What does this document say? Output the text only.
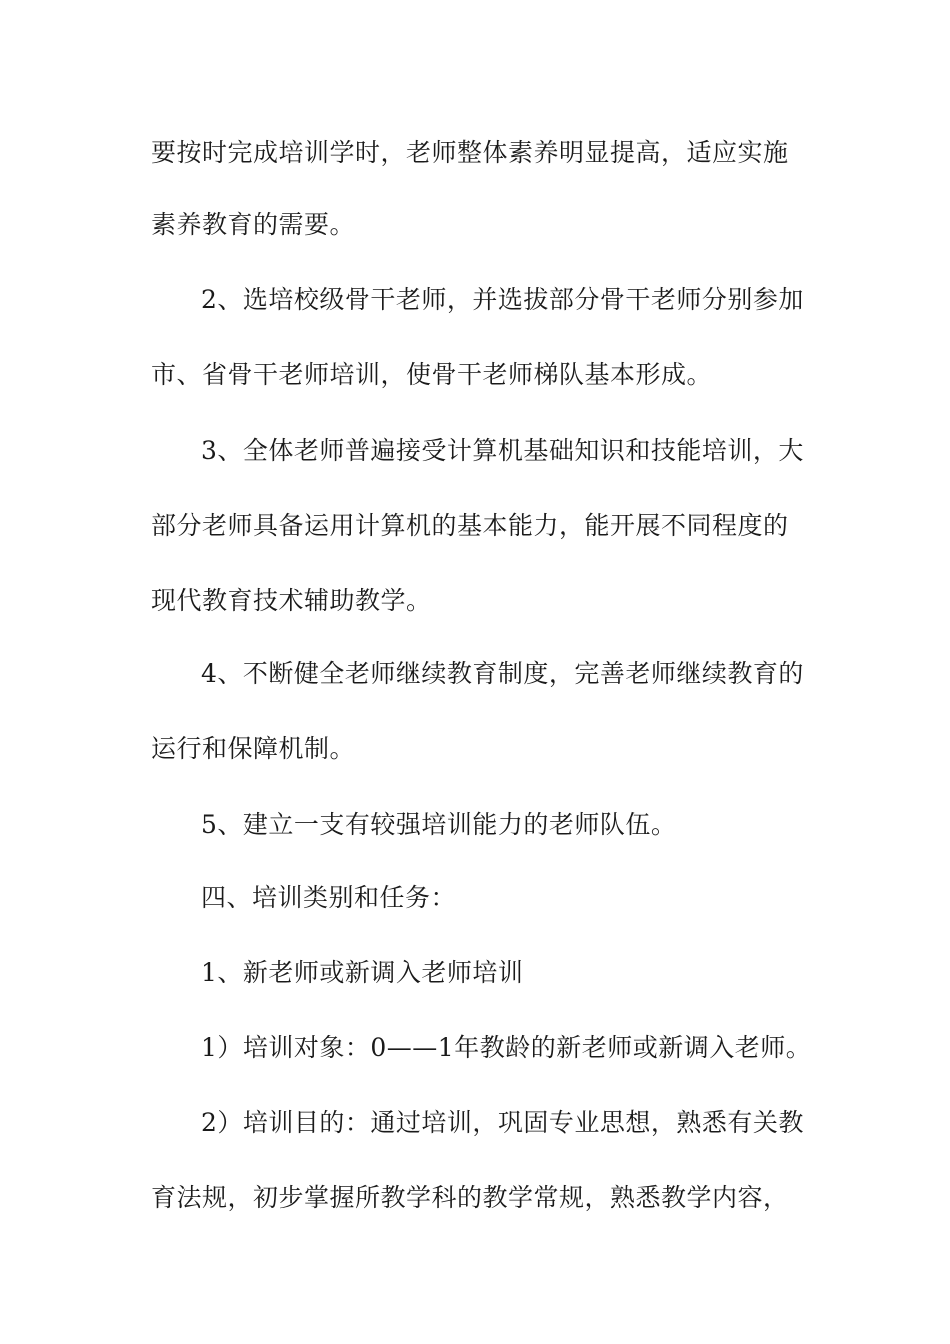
要按时完成培训学时，老师整体素养明显提高，适应实施
素养教育的需要。
2、选培校级骨干老师，并选拔部分骨干老师分别参加
市、省骨干老师培训，使骨干老师梯队基本形成。
3、全体老师普遍接受计算机基础知识和技能培训，大
部分老师具备运用计算机的基本能力，能开展不同程度的
现代教育技术辅助教学。
4、不断健全老师继续教育制度，完善老师继续教育的
运行和保障机制。
5、建立一支有较强培训能力的老师队伍。
四、培训类别和任务：
1、新老师或新调入老师培训
1）培训对象：0——1年教龄的新老师或新调入老师。
2）培训目的：通过培训，巩固专业思想，熟悉有关教
育法规，初步掌握所教学科的教学常规，熟悉教学内容，
